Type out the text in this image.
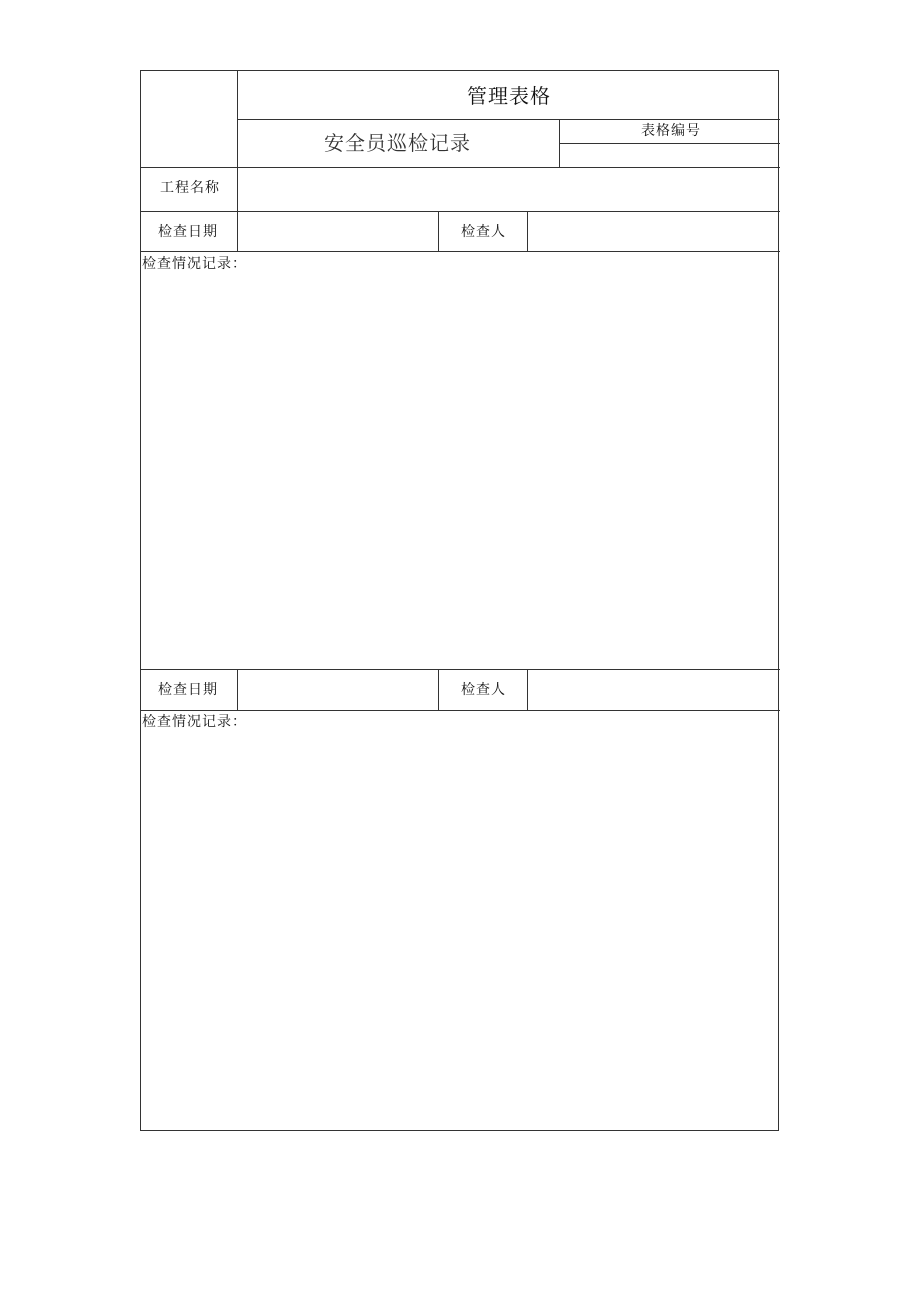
管理表格
安全员巡检记录	表格编号
工程名称
检查日期	检查人
检查情况记录：
检查日期	检查人
检查情况记录：
